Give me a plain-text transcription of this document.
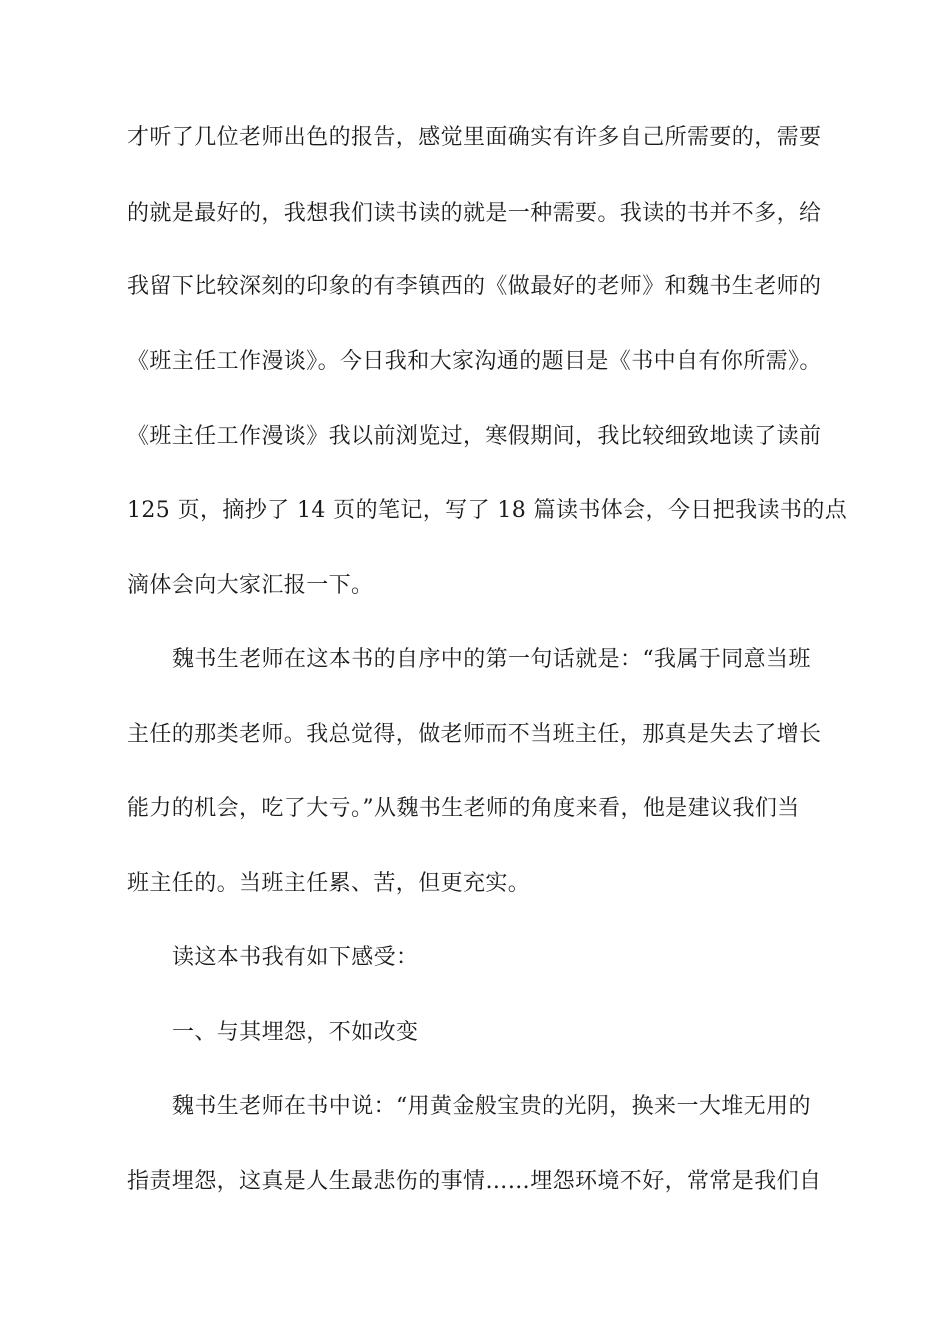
才听了几位老师出色的报告，感觉里面确实有许多自己所需要的，需要
的就是最好的，我想我们读书读的就是一种需要。我读的书并不多，给
我留下比较深刻的印象的有李镇西的《做最好的老师》和魏书生老师的
《班主任工作漫谈》。今日我和大家沟通的题目是《书中自有你所需》。
《班主任工作漫谈》我以前浏览过，寒假期间，我比较细致地读了读前
125 页，摘抄了 14 页的笔记，写了 18 篇读书体会，今日把我读书的点
滴体会向大家汇报一下。
魏书生老师在这本书的自序中的第一句话就是：“我属于同意当班
主任的那类老师。我总觉得，做老师而不当班主任，那真是失去了增长
能力的机会，吃了大亏。”从魏书生老师的角度来看，他是建议我们当
班主任的。当班主任累、苦，但更充实。
读这本书我有如下感受：
一、与其埋怨，不如改变
魏书生老师在书中说：“用黄金般宝贵的光阴，换来一大堆无用的
指责埋怨，这真是人生最悲伤的事情……埋怨环境不好，常常是我们自
